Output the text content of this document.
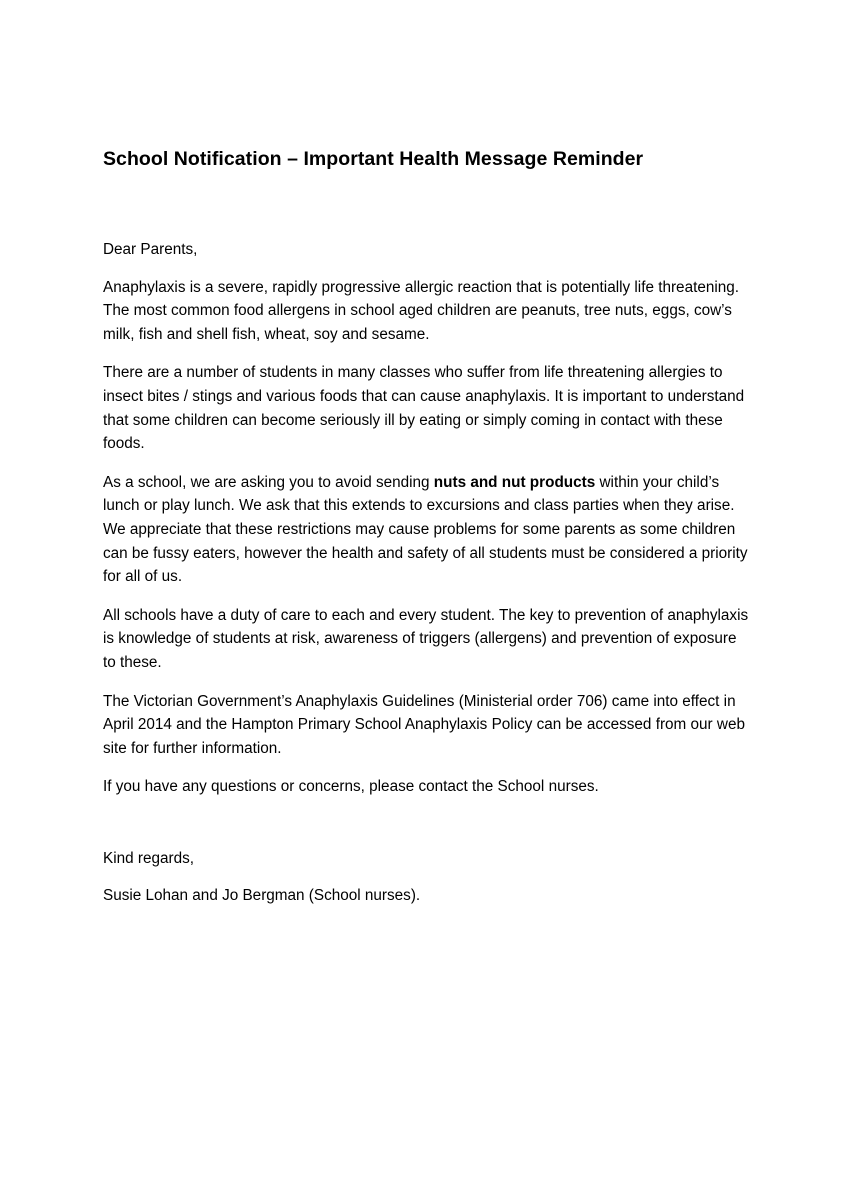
School Notification – Important Health Message Reminder

Dear Parents,

Anaphylaxis is a severe, rapidly progressive allergic reaction that is potentially life threatening. The most common food allergens in school aged children are peanuts, tree nuts, eggs, cow’s milk, fish and shell fish, wheat, soy and sesame.

There are a number of students in many classes who suffer from life threatening allergies to insect bites / stings and various foods that can cause anaphylaxis. It is important to understand that some children can become seriously ill by eating or simply coming in contact with these foods.

As a school, we are asking you to avoid sending nuts and nut products within your child’s lunch or play lunch. We ask that this extends to excursions and class parties when they arise. We appreciate that these restrictions may cause problems for some parents as some children can be fussy eaters, however the health and safety of all students must be considered a priority for all of us.

All schools have a duty of care to each and every student. The key to prevention of anaphylaxis is knowledge of students at risk, awareness of triggers (allergens) and prevention of exposure to these.

The Victorian Government’s Anaphylaxis Guidelines (Ministerial order 706) came into effect in April 2014 and the Hampton Primary School Anaphylaxis Policy can be accessed from our web site for further information.

If you have any questions or concerns, please contact the School nurses.

Kind regards,

Susie Lohan and Jo Bergman (School nurses).
